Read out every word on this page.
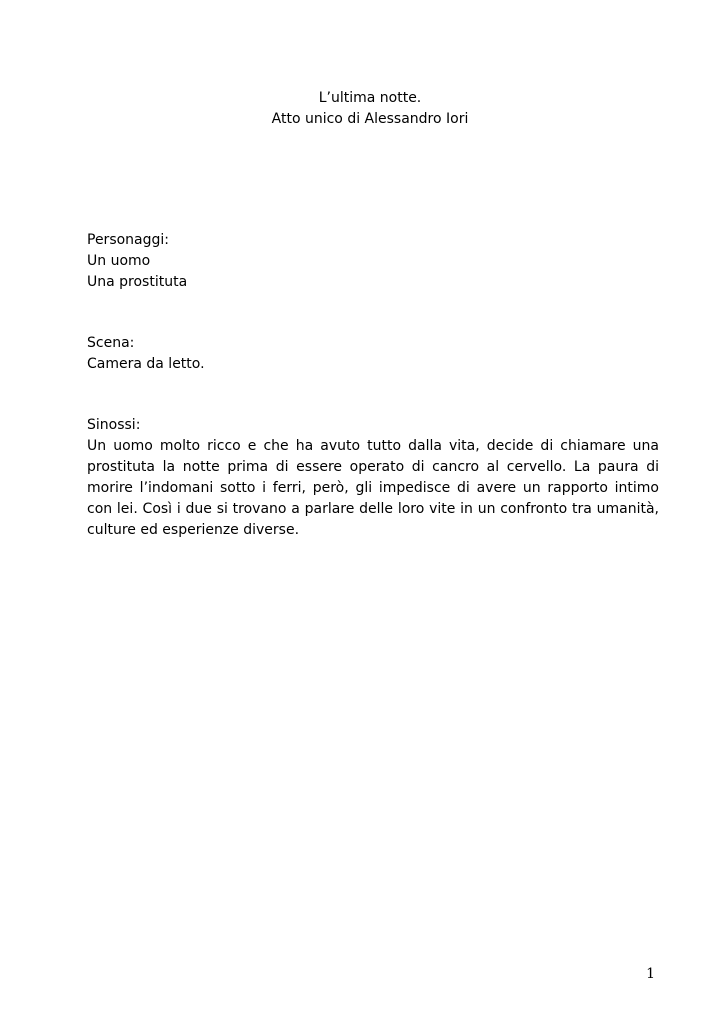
L’ultima notte.
Atto unico di Alessandro Iori
Personaggi:
Un uomo
Una prostituta
Scena:
Camera da letto.
Sinossi:
Un uomo molto ricco e che ha avuto tutto dalla vita, decide di chiamare una prostituta la notte prima di essere operato di cancro al cervello. La paura di morire l’indomani sotto i ferri, però, gli impedisce di avere un rapporto intimo con lei. Così i due si trovano a parlare delle loro vite in un confronto tra umanità, culture ed esperienze diverse.
1
